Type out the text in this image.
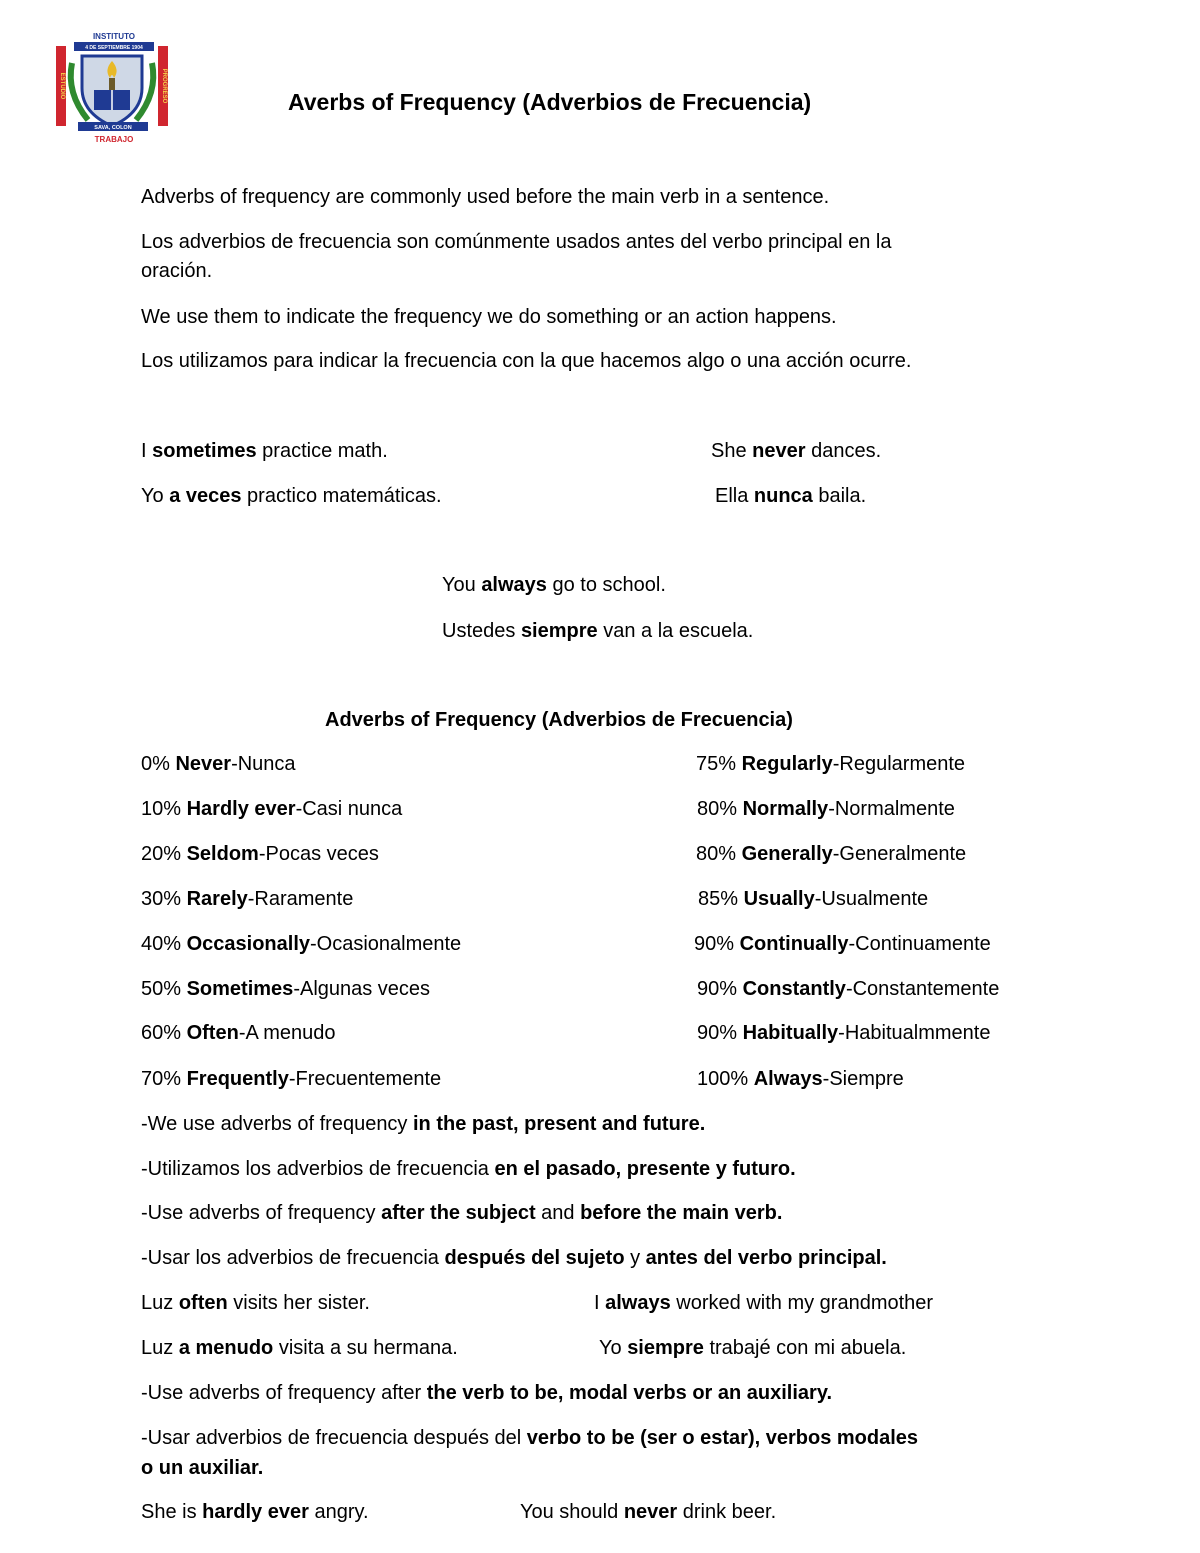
INSTITUTO
4 DE SEPTIEMBRE 1904
ESTUDIO	PROGRESO
SAVA, COLON
TRABAJO
Averbs of Frequency (Adverbios de Frecuencia)
Adverbs of frequency are commonly used before the main verb in a sentence.
Los adverbios de frecuencia son comúnmente usados antes del verbo principal en la
oración.
We use them to indicate the frequency we do something or an action happens.
Los utilizamos para indicar la frecuencia con la que hacemos algo o una acción ocurre.
I sometimes practice math.
Yo a veces practico matemáticas.
She never dances.
Ella nunca baila.
You always go to school.
Ustedes siempre van a la escuela.
Adverbs of Frequency (Adverbios de Frecuencia)
0% Never-Nunca
10% Hardly ever-Casi nunca
20% Seldom-Pocas veces
30% Rarely-Raramente
40% Occasionally-Ocasionalmente
50% Sometimes-Algunas veces
60% Often-A menudo
70% Frequently-Frecuentemente
75% Regularly-Regularmente
80% Normally-Normalmente
80% Generally-Generalmente
85% Usually-Usualmente
90% Continually-Continuamente
90% Constantly-Constantemente
90% Habitually-Habitualmmente
100% Always-Siempre
-We use adverbs of frequency in the past, present and future.
-Utilizamos los adverbios de frecuencia en el pasado, presente y futuro.
-Use adverbs of frequency after the subject and before the main verb.
-Usar los adverbios de frecuencia después del sujeto y antes del verbo principal.
Luz often visits her sister.
Luz a menudo visita a su hermana.
I always worked with my grandmother
Yo siempre trabajé con mi abuela.
-Use adverbs of frequency after the verb to be, modal verbs or an auxiliary.
-Usar adverbios de frecuencia después del verbo to be (ser o estar), verbos modales
o un auxiliar.
She is hardly ever angry.	You should never drink beer.
